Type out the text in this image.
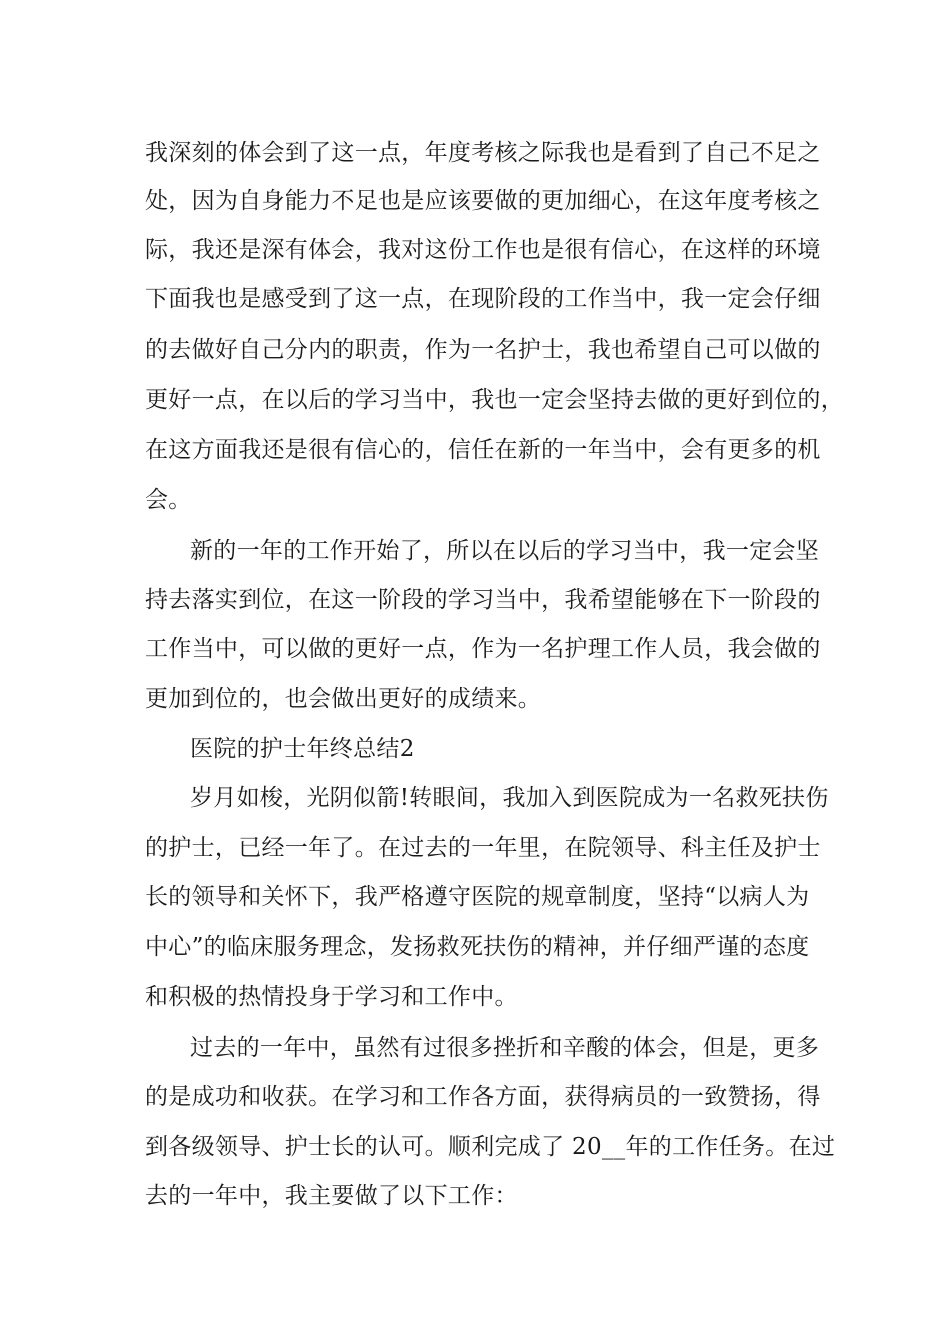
我深刻的体会到了这一点，年度考核之际我也是看到了自己不足之
处，因为自身能力不足也是应该要做的更加细心，在这年度考核之
际，我还是深有体会，我对这份工作也是很有信心，在这样的环境
下面我也是感受到了这一点，在现阶段的工作当中，我一定会仔细
的去做好自己分内的职责，作为一名护士，我也希望自己可以做的
更好一点，在以后的学习当中，我也一定会坚持去做的更好到位的，
在这方面我还是很有信心的，信任在新的一年当中，会有更多的机
会。
新的一年的工作开始了，所以在以后的学习当中，我一定会坚
持去落实到位，在这一阶段的学习当中，我希望能够在下一阶段的
工作当中，可以做的更好一点，作为一名护理工作人员，我会做的
更加到位的，也会做出更好的成绩来。
医院的护士年终总结2
岁月如梭，光阴似箭!转眼间，我加入到医院成为一名救死扶伤
的护士，已经一年了。在过去的一年里，在院领导、科主任及护士
长的领导和关怀下，我严格遵守医院的规章制度，坚持“以病人为
中心”的临床服务理念，发扬救死扶伤的精神，并仔细严谨的态度
和积极的热情投身于学习和工作中。
过去的一年中，虽然有过很多挫折和辛酸的体会，但是，更多
的是成功和收获。在学习和工作各方面，获得病员的一致赞扬，得
到各级领导、护士长的认可。顺利完成了 20__年的工作任务。在过
去的一年中，我主要做了以下工作：
